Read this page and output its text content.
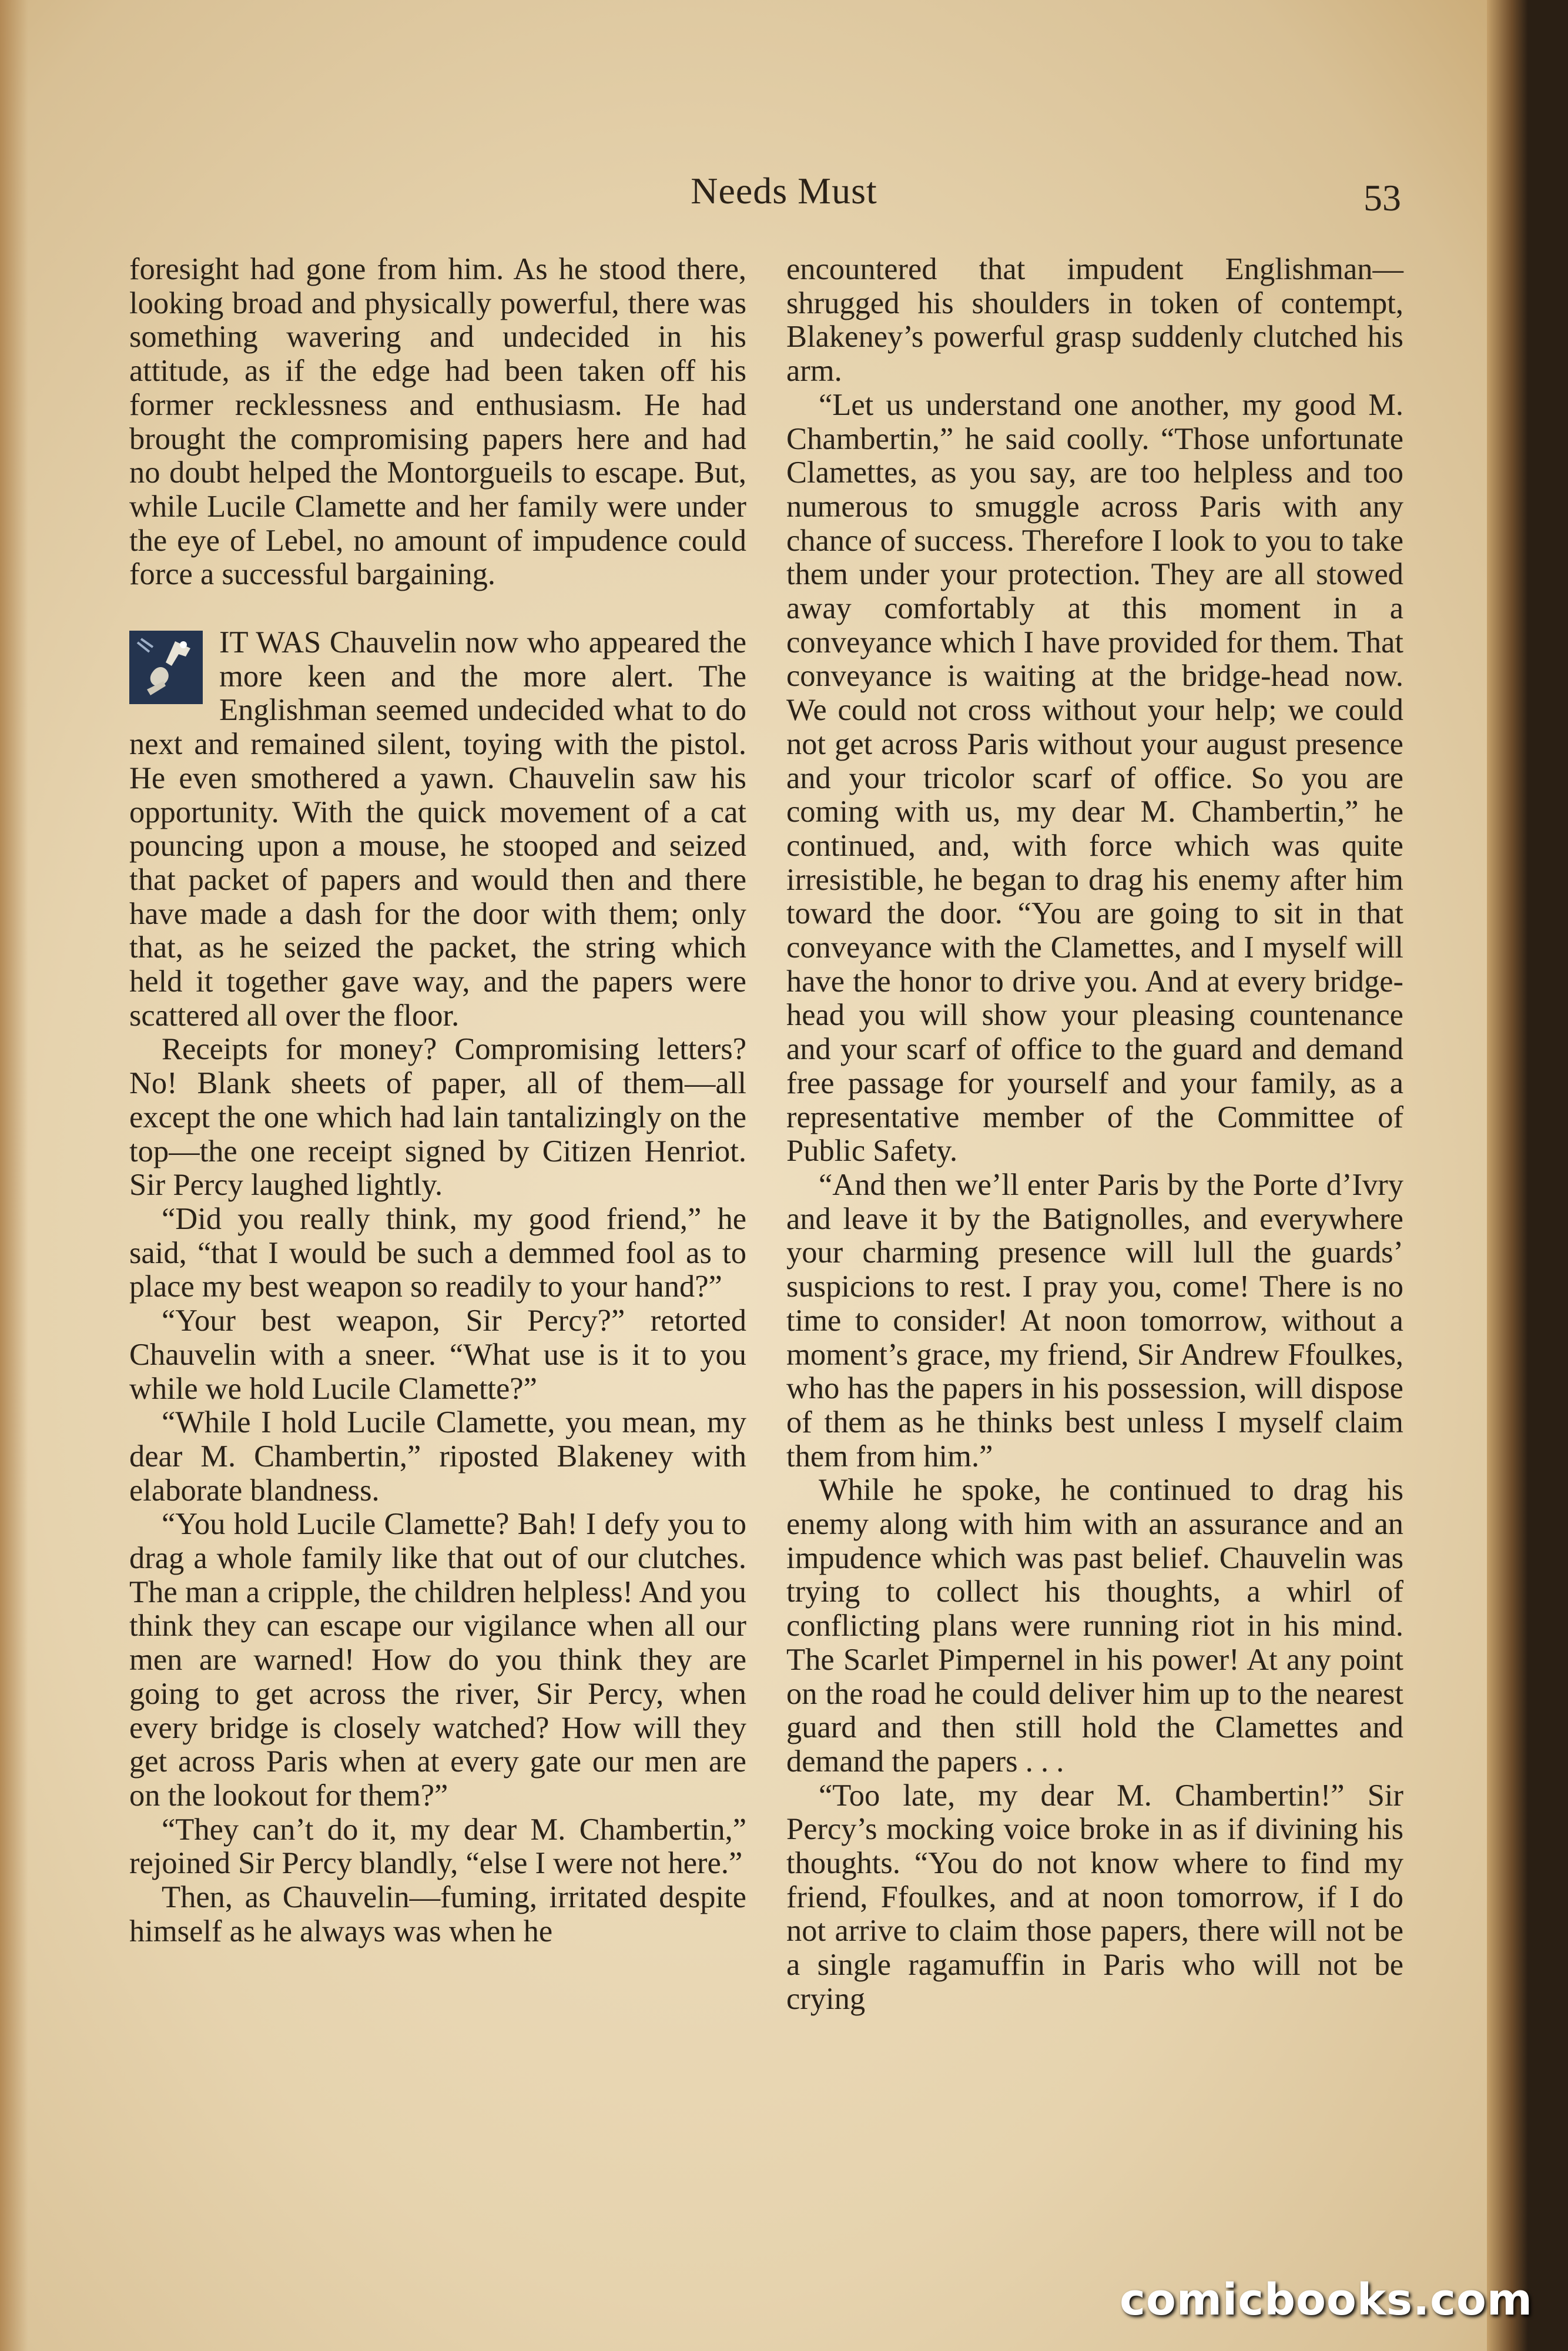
Needs Must	53

foresight had gone from him. As he stood there, looking broad and physically powerful, there was something wavering and undecided in his attitude, as if the edge had been taken off his former recklessness and enthusiasm. He had brought the compromising papers here and had no doubt helped the Montorgueils to escape. But, while Lucile Clamette and her family were under the eye of Lebel, no amount of impudence could force a successful bargaining.

IT WAS Chauvelin now who appeared the more keen and the more alert. The Englishman seemed undecided what to do next and remained silent, toying with the pistol. He even smothered a yawn. Chauvelin saw his opportunity. With the quick movement of a cat pouncing upon a mouse, he stooped and seized that packet of papers and would then and there have made a dash for the door with them; only that, as he seized the packet, the string which held it together gave way, and the papers were scattered all over the floor.

Receipts for money? Compromising letters? No! Blank sheets of paper, all of them—all except the one which had lain tantalizingly on the top—the one receipt signed by Citizen Henriot. Sir Percy laughed lightly.

“Did you really think, my good friend,” he said, “that I would be such a demmed fool as to place my best weapon so readily to your hand?”

“Your best weapon, Sir Percy?” retorted Chauvelin with a sneer. “What use is it to you while we hold Lucile Clamette?”

“While I hold Lucile Clamette, you mean, my dear M. Chambertin,” riposted Blakeney with elaborate blandness.

“You hold Lucile Clamette? Bah! I defy you to drag a whole family like that out of our clutches. The man a cripple, the children helpless! And you think they can escape our vigilance when all our men are warned! How do you think they are going to get across the river, Sir Percy, when every bridge is closely watched? How will they get across Paris when at every gate our men are on the lookout for them?”

“They can’t do it, my dear M. Chambertin,” rejoined Sir Percy blandly, “else I were not here.”

Then, as Chauvelin—fuming, irritated despite himself as he always was when he

encountered that impudent Englishman—shrugged his shoulders in token of contempt, Blakeney’s powerful grasp suddenly clutched his arm.

“Let us understand one another, my good M. Chambertin,” he said coolly. “Those unfortunate Clamettes, as you say, are too helpless and too numerous to smuggle across Paris with any chance of success. Therefore I look to you to take them under your protection. They are all stowed away comfortably at this moment in a conveyance which I have provided for them. That conveyance is waiting at the bridge-head now. We could not cross without your help; we could not get across Paris without your august presence and your tricolor scarf of office. So you are coming with us, my dear M. Chambertin,” he continued, and, with force which was quite irresistible, he began to drag his enemy after him toward the door. “You are going to sit in that conveyance with the Clamettes, and I myself will have the honor to drive you. And at every bridge-head you will show your pleasing countenance and your scarf of office to the guard and demand free passage for yourself and your family, as a representative member of the Committee of Public Safety.

“And then we’ll enter Paris by the Porte d’Ivry and leave it by the Batignolles, and everywhere your charming presence will lull the guards’ suspicions to rest. I pray you, come! There is no time to consider! At noon tomorrow, without a moment’s grace, my friend, Sir Andrew Ffoulkes, who has the papers in his possession, will dispose of them as he thinks best unless I myself claim them from him.”

While he spoke, he continued to drag his enemy along with him with an assurance and an impudence which was past belief. Chauvelin was trying to collect his thoughts, a whirl of conflicting plans were running riot in his mind. The Scarlet Pimpernel in his power! At any point on the road he could deliver him up to the nearest guard and then still hold the Clamettes and demand the papers . . .

“Too late, my dear M. Chambertin!” Sir Percy’s mocking voice broke in as if divining his thoughts. “You do not know where to find my friend, Ffoulkes, and at noon tomorrow, if I do not arrive to claim those papers, there will not be a single ragamuffin in Paris who will not be crying

comicbooks.com
